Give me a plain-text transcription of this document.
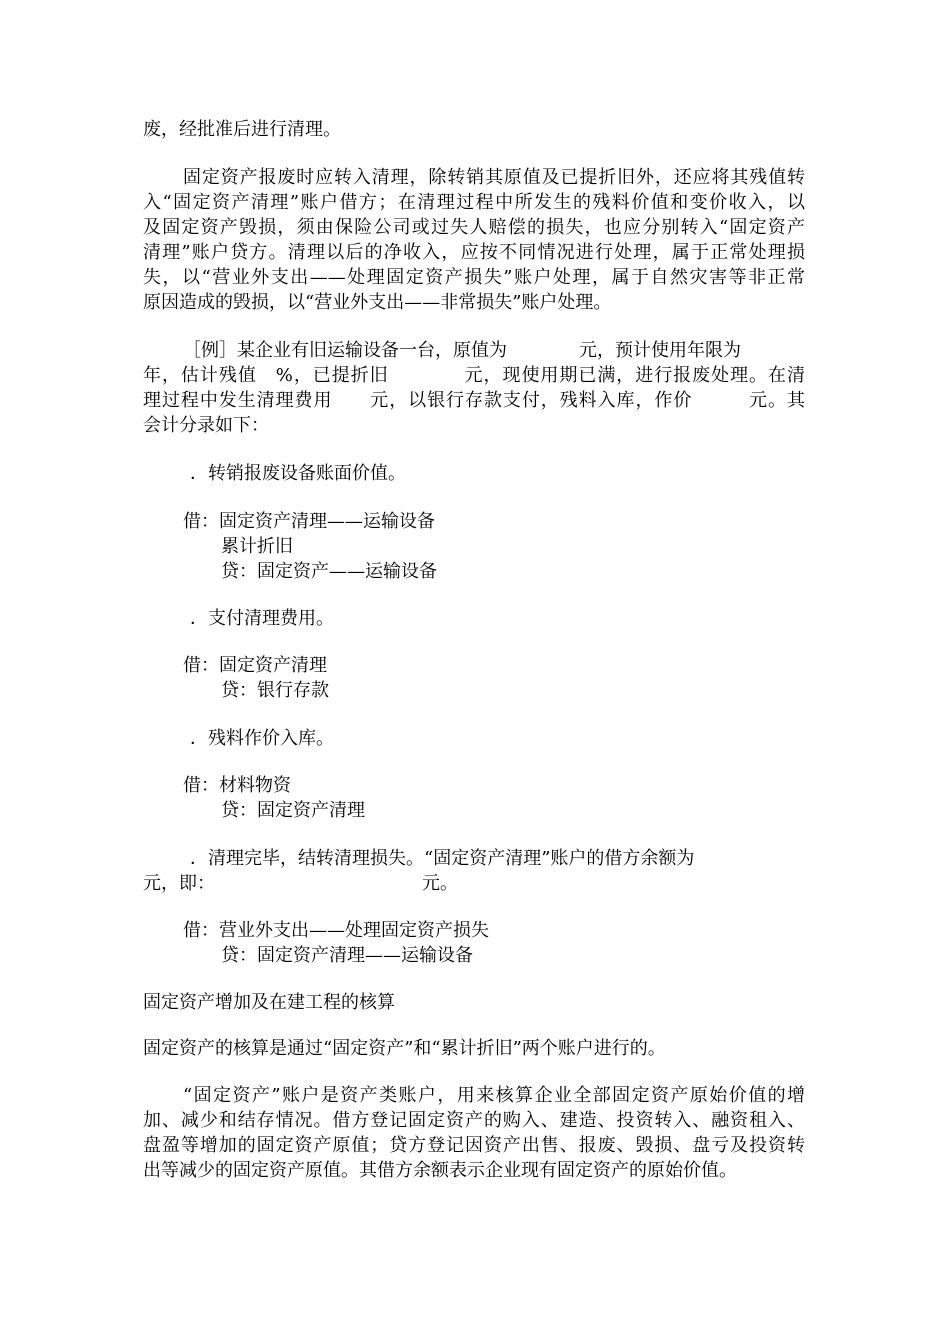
废，经批准后进行清理。
固定资产报废时应转入清理，除转销其原值及已提折旧外，还应将其残值转
入“固定资产清理”账户借方；在清理过程中所发生的残料价值和变价收入，以
及固定资产毁损，须由保险公司或过失人赔偿的损失，也应分别转入“固定资产
清理”账户贷方。清理以后的净收入，应按不同情况进行处理，属于正常处理损
失，以“营业外支出——处理固定资产损失”账户处理，属于自然灾害等非正常
原因造成的毁损，以“营业外支出——非常损失”账户处理。
［例］某企业有旧运输设备一台，原值为　　　　元，预计使用年限为
年，估计残值　%，已提折旧　　　　元，现使用期已满，进行报废处理。在清
理过程中发生清理费用　　元，以银行存款支付，残料入库，作价　　　元。其
会计分录如下：
．转销报废设备账面价值。
借：固定资产清理——运输设备
累计折旧
贷：固定资产——运输设备
．支付清理费用。
借：固定资产清理
贷：银行存款
．残料作价入库。
借：材料物资
贷：固定资产清理
．清理完毕，结转清理损失。“固定资产清理”账户的借方余额为
元，即：　　　　　　　　　　　　元。
借：营业外支出——处理固定资产损失
贷：固定资产清理——运输设备
固定资产增加及在建工程的核算
固定资产的核算是通过“固定资产”和“累计折旧”两个账户进行的。
“固定资产”账户是资产类账户，用来核算企业全部固定资产原始价值的增
加、减少和结存情况。借方登记固定资产的购入、建造、投资转入、融资租入、
盘盈等增加的固定资产原值；贷方登记因资产出售、报废、毁损、盘亏及投资转
出等减少的固定资产原值。其借方余额表示企业现有固定资产的原始价值。
